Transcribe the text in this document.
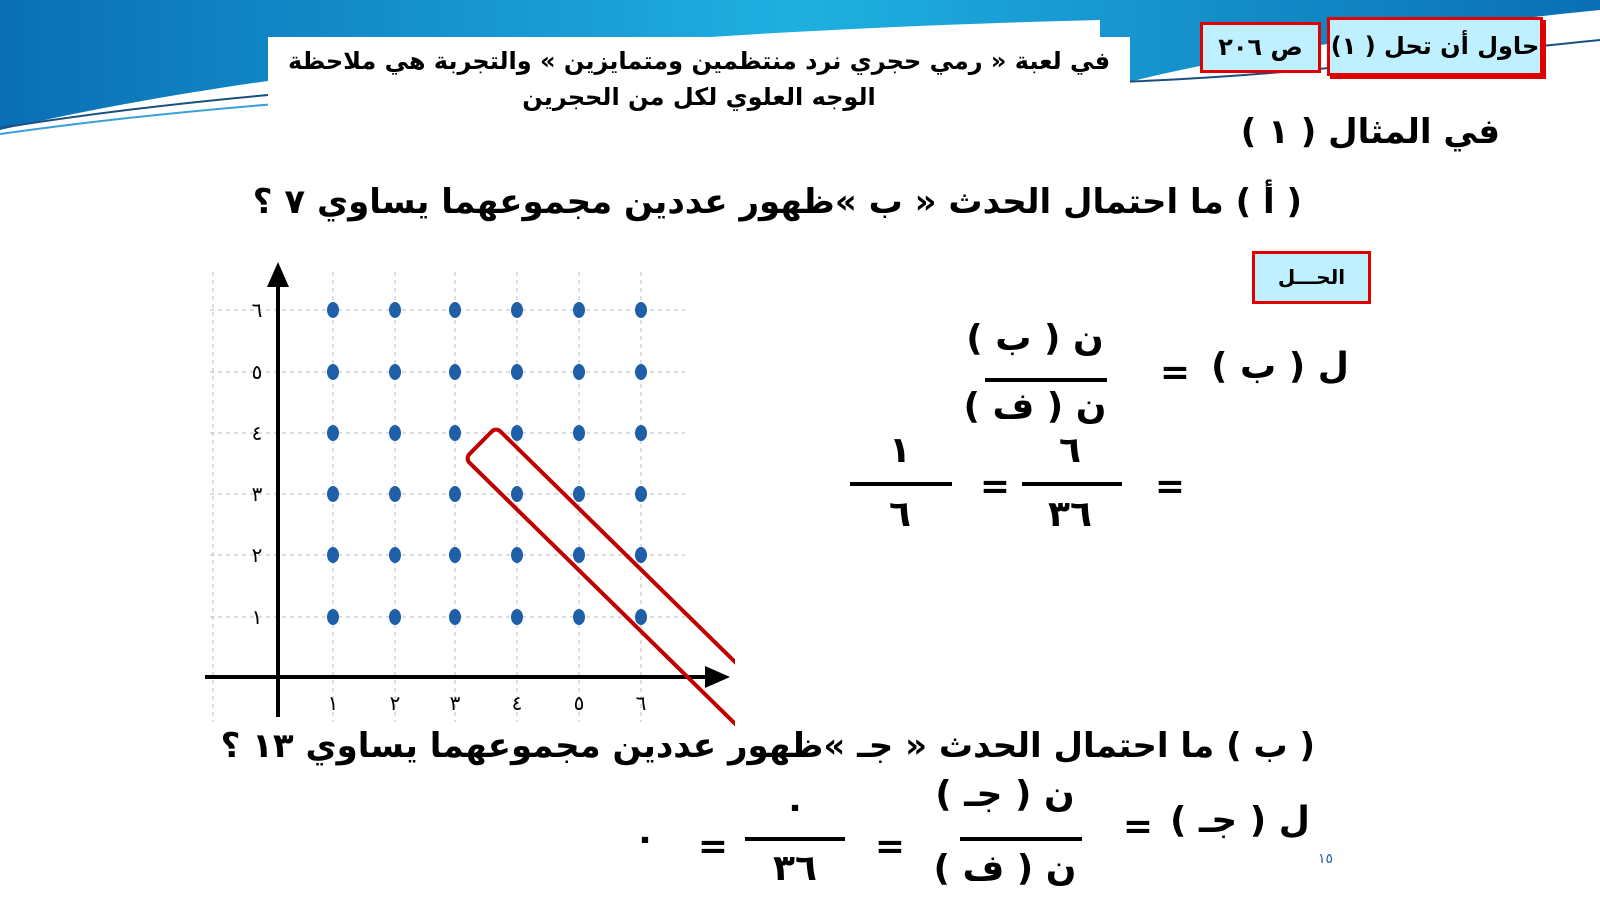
في لعبة « رمي حجري نرد منتظمين ومتمايزين » والتجربة هي ملاحظة
الوجه العلوي لكل من الحجرين
حاول أن تحل ( ١)
ص ٢٠٦
في المثال ( ١ )
( أ ) ما احتمال الحدث « ب »ظهور عددين مجموعهما يساوي ٧ ؟
الحـــل
ل ( ب )
=
ن ( ب )
ن ( ف )
=
٦
٣٦
=
١
٦
١	٢ ٣	٤	٥	٦
١
٢
٣
٤
٥
٦
( ب ) ما احتمال الحدث « جـ »ظهور عددين مجموعهما يساوي ١٣ ؟
ل ( جـ )
=
ن ( جـ )
ن ( ف )
=
٠
٣٦
=
٠	١٥
